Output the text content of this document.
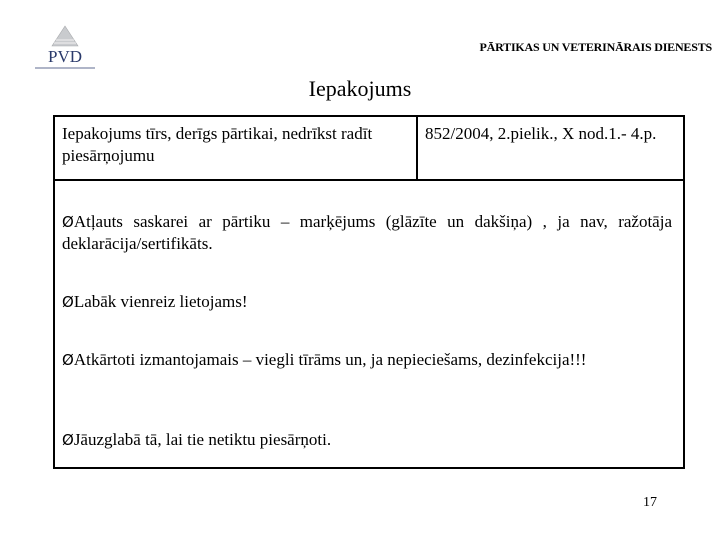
PVD	PĀRTIKAS UN VETERINĀRAIS DIENESTS
Iepakojums
Iepakojums tīrs, derīgs pārtikai, nedrīkst radīt piesārņojumu
852/2004, 2.pielik., X nod.1.- 4.p.
ØAtļauts saskarei ar pārtiku – marķējums (glāzīte un dakšiņa) , ja nav, ražotāja deklarācija/sertifikāts.
ØLabāk vienreiz lietojams!
ØAtkārtoti izmantojamais – viegli tīrāms un, ja nepieciešams, dezinfekcija!!!
ØJāuzglabā tā, lai tie netiktu piesārņoti.
17
